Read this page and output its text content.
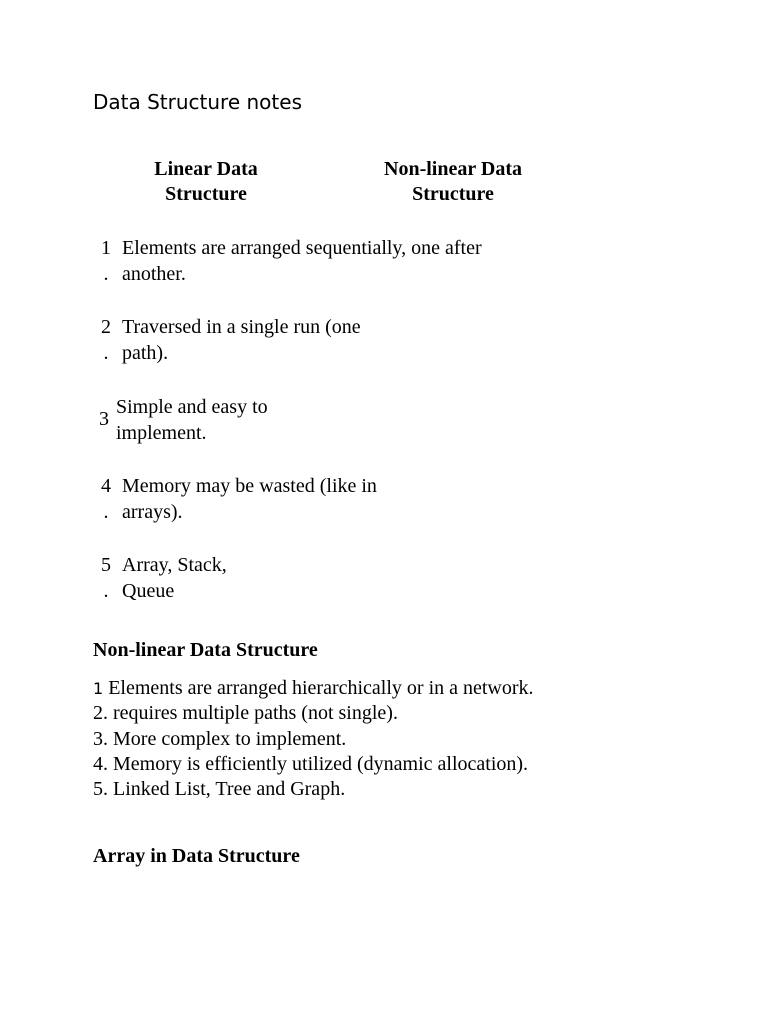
Data Structure notes
Linear Data
Structure
Non-linear Data
Structure
1
.
Elements are arranged sequentially, one after
another.
2
.
Traversed in a single run (one
path).
3
Simple and easy to
implement.
4
.
Memory may be wasted (like in
arrays).
5
.
Array, Stack,
Queue
Non-linear Data Structure
1 Elements are arranged hierarchically or in a network.
2. requires multiple paths (not single).
3. More complex to implement.
4. Memory is efficiently utilized (dynamic allocation).
5. Linked List, Tree and Graph.
Array in Data Structure
